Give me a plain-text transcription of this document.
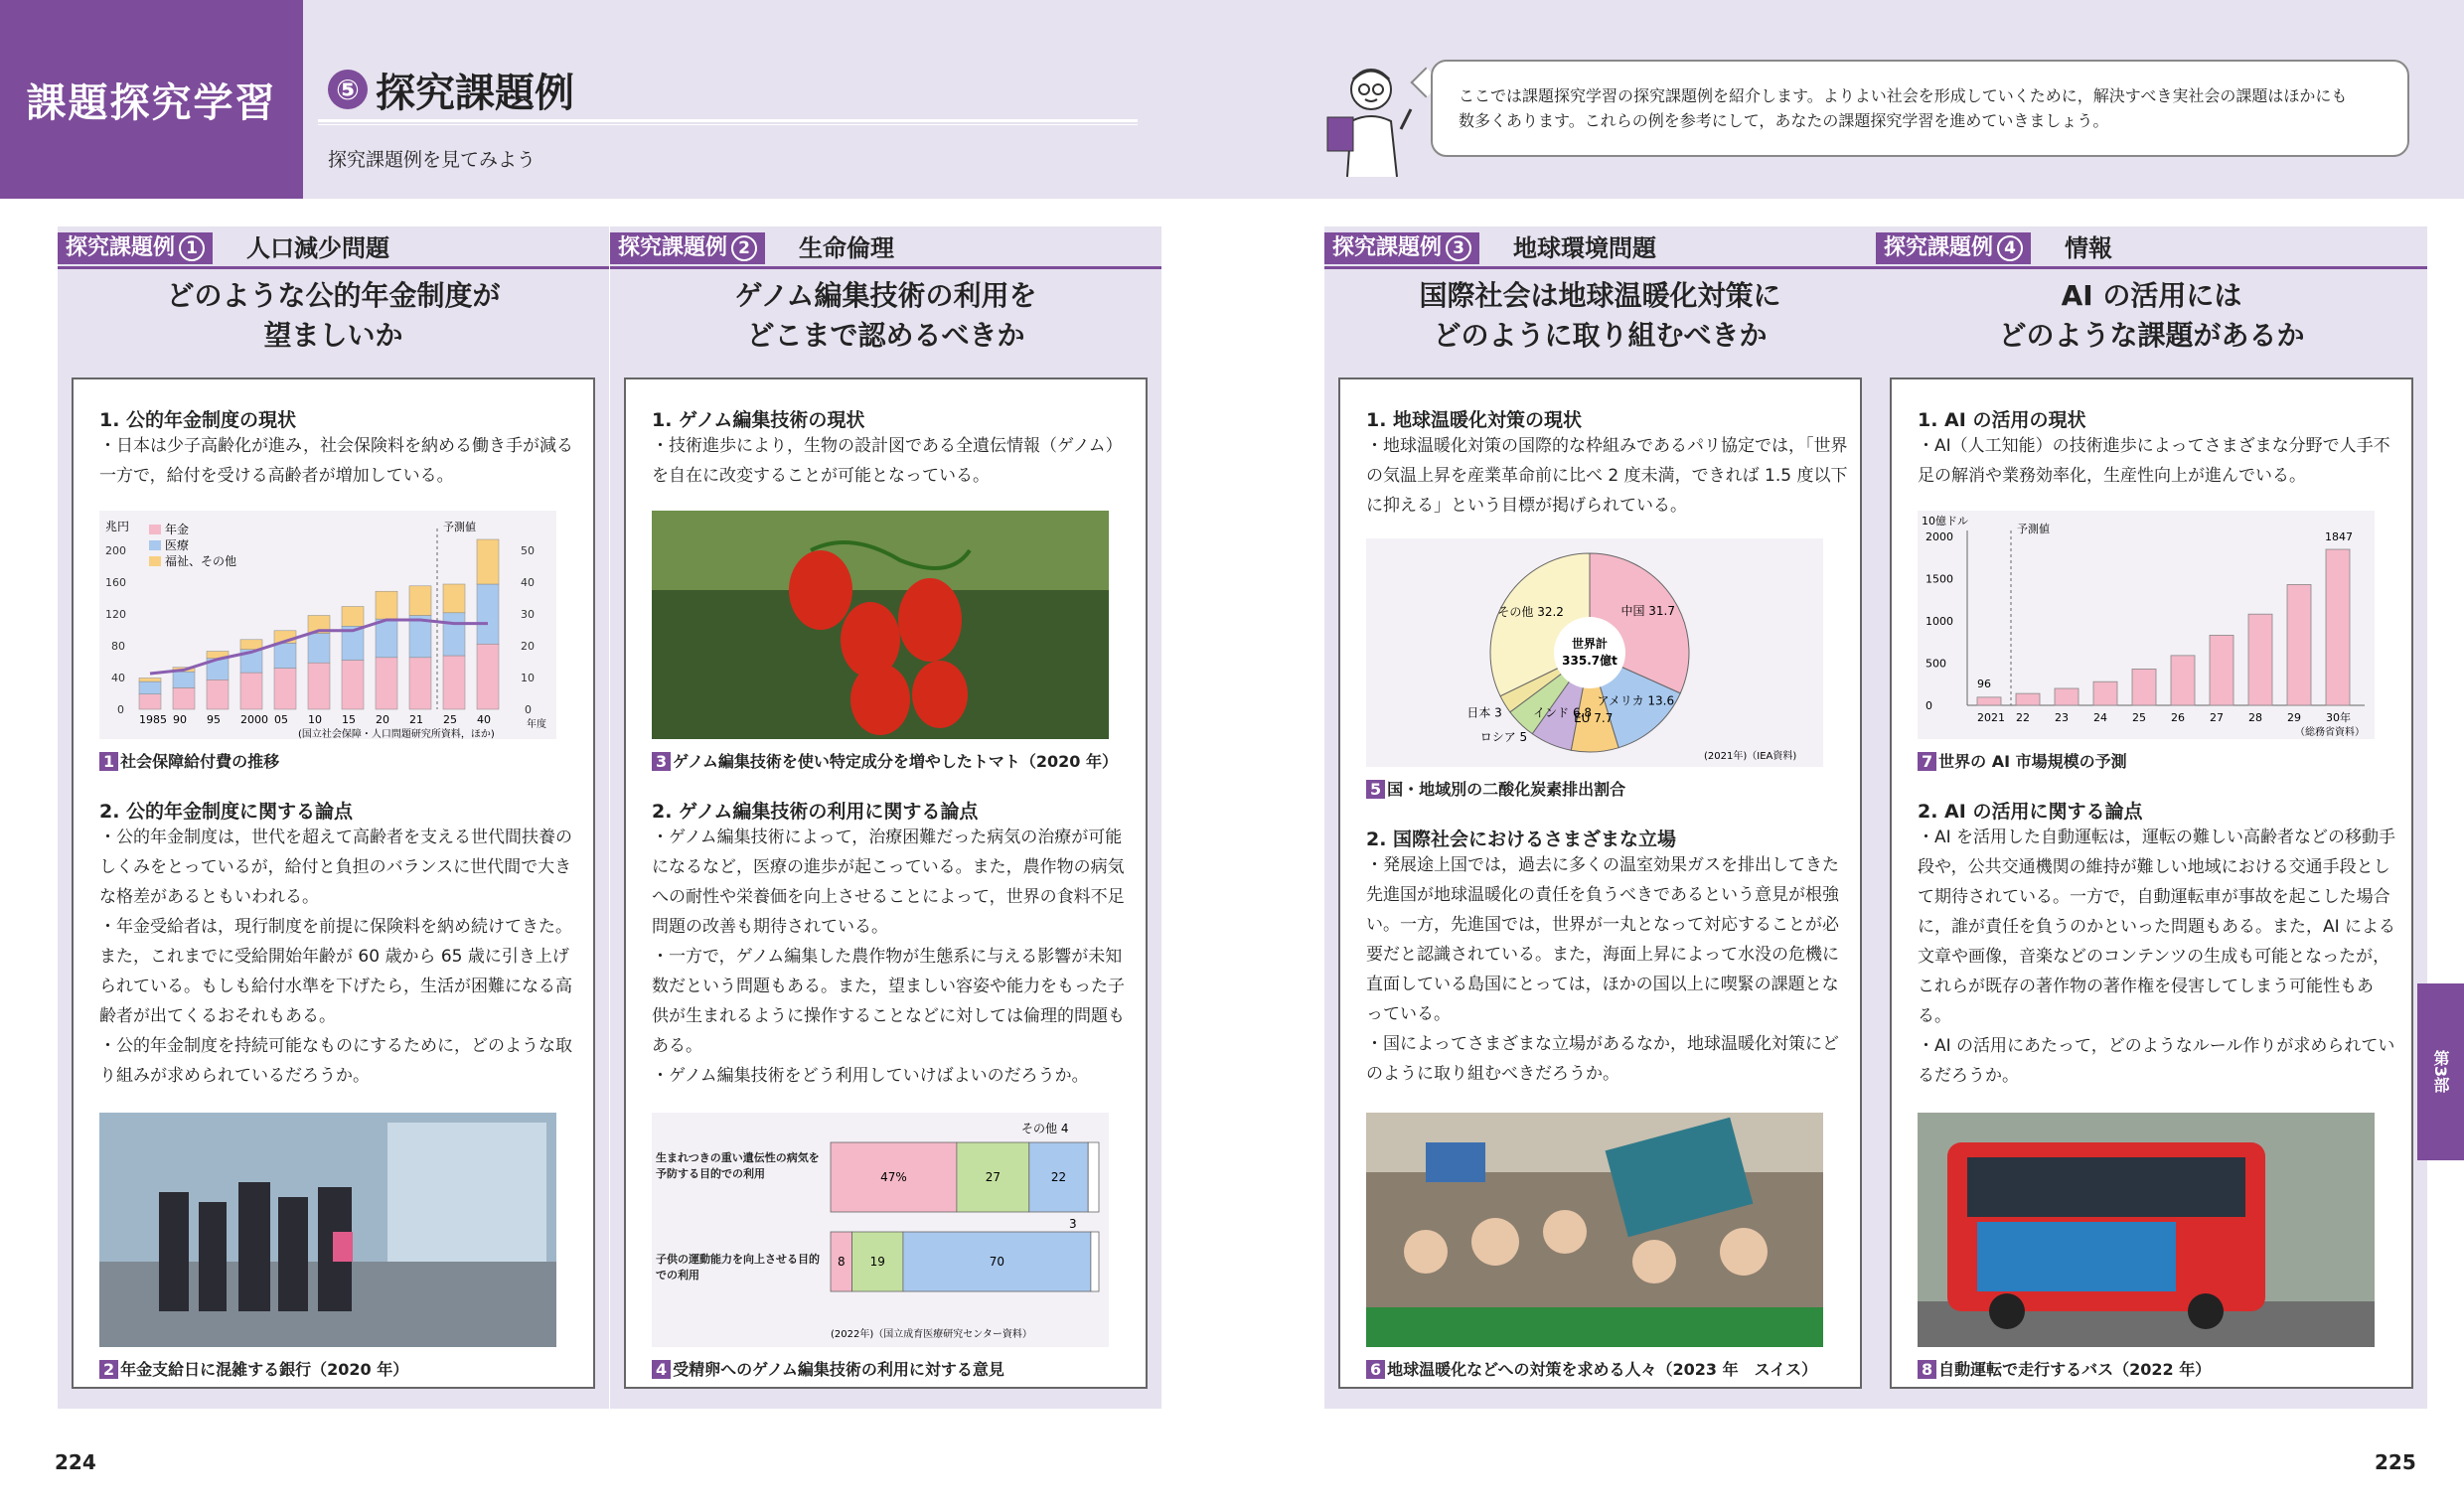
課題探究学習	⑤ 探究課題例
探究課題例を見てみよう
ここでは課題探究学習の探究課題例を紹介します。よりよい社会を形成していくために，解決すべき実社会の課題はほかにも
数多くあります。これらの例を参考にして，あなたの課題探究学習を進めていきましょう。
探究課題例 1 人口減少問題
どのような公的年金制度が
望ましいか
1. 公的年金制度の現状
・日本は少子高齢化が進み，社会保険料を納める働き手が減る一方で，給付を受ける高齢者が増加している。
兆円
200
160
120
80
40
0
50
40
30
20
10
0
予測値
年金
医療
福祉、その他
1985 90 95 2000 05 10 15 20 21 25 40	年度
(国立社会保障・人口問題研究所資料，ほか)
1 社会保障給付費の推移
2. 公的年金制度に関する論点
・公的年金制度は，世代を超えて高齢者を支える世代間扶養のしくみをとっているが，給付と負担のバランスに世代間で大きな格差があるともいわれる。
・年金受給者は，現行制度を前提に保険料を納め続けてきた。また，これまでに受給開始年齢が 60 歳から 65 歳に引き上げられている。もしも給付水準を下げたら，生活が困難になる高齢者が出てくるおそれもある。
・公的年金制度を持続可能なものにするために，どのような取り組みが求められているだろうか。
2 年金支給日に混雑する銀行（2020 年）
探究課題例 2 生命倫理
ゲノム編集技術の利用を
どこまで認めるべきか
1. ゲノム編集技術の現状
・技術進歩により，生物の設計図である全遺伝情報（ゲノム）を自在に改変することが可能となっている。
3 ゲノム編集技術を使い特定成分を増やしたトマト（2020 年）
2. ゲノム編集技術の利用に関する論点
・ゲノム編集技術によって，治療困難だった病気の治療が可能になるなど，医療の進歩が起こっている。また，農作物の病気への耐性や栄養価を向上させることによって，世界の食料不足問題の改善も期待されている。
・一方で，ゲノム編集した農作物が生態系に与える影響が未知数だという問題もある。また，望ましい容姿や能力をもった子供が生まれるように操作することなどに対しては倫理的問題もある。
・ゲノム編集技術をどう利用していけばよいのだろうか。
その他 4
3
生まれつきの重い遺伝性の病気を予防する目的での利用
子供の運動能力を向上させる目的での利用
47%	27	22
8 19	70
(2022年)（国立成育医療研究センター資料）
4 受精卵へのゲノム編集技術の利用に対する意見
探究課題例 3 地球環境問題
国際社会は地球温暖化対策に
どのように取り組むべきか
1. 地球温暖化対策の現状
・地球温暖化対策の国際的な枠組みであるパリ協定では，「世界の気温上昇を産業革命前に比べ 2 度未満，できれば 1.5 度以下に抑える」という目標が掲げられている。
世界計
335.7億t
中国 31.7
アメリカ 13.6
EU 7.7
インド 6.8
ロシア 5
日本 3
その他 32.2
(2021年)（IEA資料)
5 国・地域別の二酸化炭素排出割合
2. 国際社会におけるさまざまな立場
・発展途上国では，過去に多くの温室効果ガスを排出してきた先進国が地球温暖化の責任を負うべきであるという意見が根強い。一方，先進国では，世界が一丸となって対応することが必要だと認識されている。また，海面上昇によって水没の危機に直面している島国にとっては，ほかの国以上に喫緊の課題となっている。
・国によってさまざまな立場があるなか，地球温暖化対策にどのように取り組むべきだろうか。
6 地球温暖化などへの対策を求める人々（2023 年　スイス）
探究課題例 4 情報
AI の活用には
どのような課題があるか
1. AI の活用の現状
・AI（人工知能）の技術進歩によってさまざまな分野で人手不足の解消や業務効率化，生産性向上が進んでいる。
10億ドル
0
500
1000
1500
2000
予測値
2021 22 23 24 25 26 27 28 29 30年
96
1847
（総務省資料）
7 世界の AI 市場規模の予測
2. AI の活用に関する論点
・AI を活用した自動運転は，運転の難しい高齢者などの移動手段や，公共交通機関の維持が難しい地域における交通手段として期待されている。一方で，自動運転車が事故を起こした場合に，誰が責任を負うのかといった問題もある。また，AI による文章や画像，音楽などのコンテンツの生成も可能となったが，これらが既存の著作物の著作権を侵害してしまう可能性もある。
・AI の活用にあたって，どのようなルール作りが求められているだろうか。
8 自動運転で走行するバス（2022 年）
224	225
第3部
